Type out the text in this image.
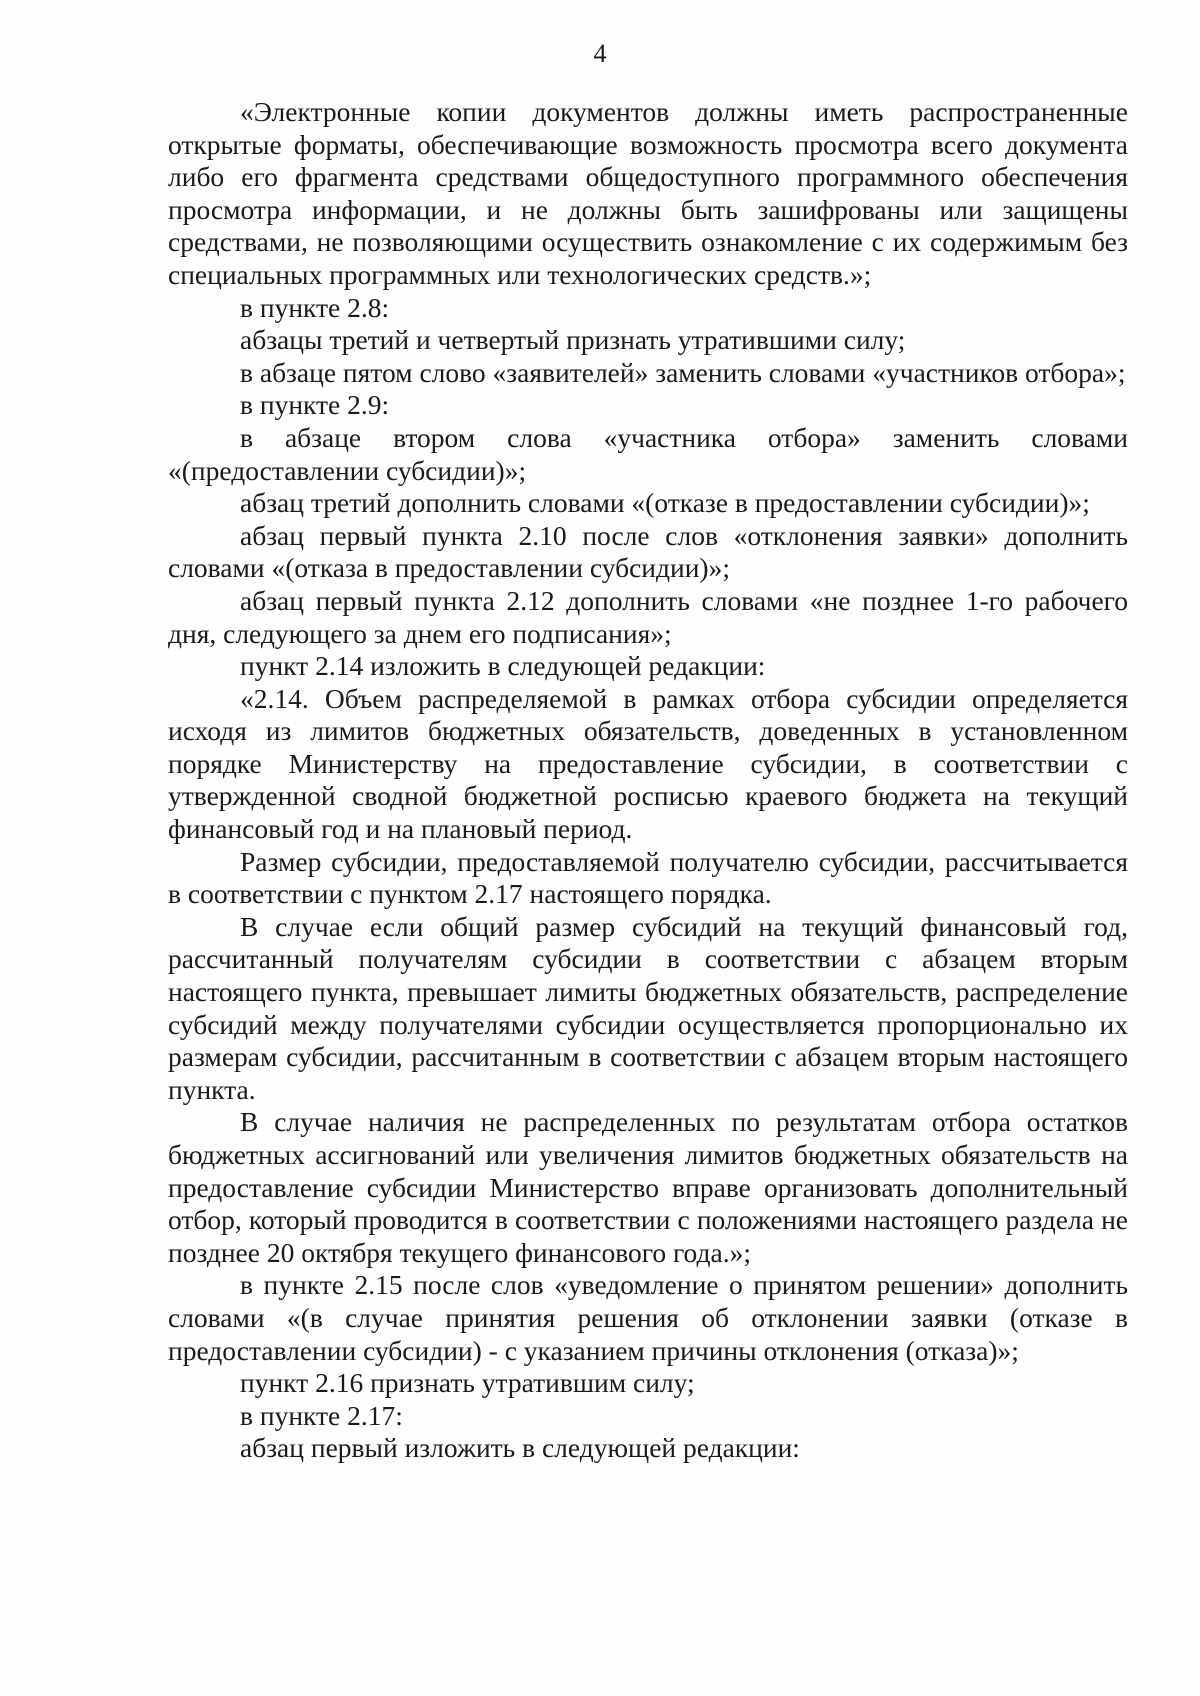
4

«Электронные копии документов должны иметь распространенные открытые форматы, обеспечивающие возможность просмотра всего документа либо его фрагмента средствами общедоступного программного обеспечения просмотра информации, и не должны быть зашифрованы или защищены средствами, не позволяющими осуществить ознакомление с их содержимым без специальных программных или технологических средств.»;

в пункте 2.8:

абзацы третий и четвертый признать утратившими силу;

в абзаце пятом слово «заявителей» заменить словами «участников отбора»;

в пункте 2.9:

в абзаце втором слова «участника отбора» заменить словами «(предоставлении субсидии)»;

абзац третий дополнить словами «(отказе в предоставлении субсидии)»;

абзац первый пункта 2.10 после слов «отклонения заявки» дополнить словами «(отказа в предоставлении субсидии)»;

абзац первый пункта 2.12 дополнить словами «не позднее 1-го рабочего дня, следующего за днем его подписания»;

пункт 2.14 изложить в следующей редакции:

«2.14. Объем распределяемой в рамках отбора субсидии определяется исходя из лимитов бюджетных обязательств, доведенных в установленном порядке Министерству на предоставление субсидии, в соответствии с утвержденной сводной бюджетной росписью краевого бюджета на текущий финансовый год и на плановый период.

Размер субсидии, предоставляемой получателю субсидии, рассчитывается в соответствии с пунктом 2.17 настоящего порядка.

В случае если общий размер субсидий на текущий финансовый год, рассчитанный получателям субсидии в соответствии с абзацем вторым настоящего пункта, превышает лимиты бюджетных обязательств, распределение субсидий между получателями субсидии осуществляется пропорционально их размерам субсидии, рассчитанным в соответствии с абзацем вторым настоящего пункта.

В случае наличия не распределенных по результатам отбора остатков бюджетных ассигнований или увеличения лимитов бюджетных обязательств на предоставление субсидии Министерство вправе организовать дополнительный отбор, который проводится в соответствии с положениями настоящего раздела не позднее 20 октября текущего финансового года.»;

в пункте 2.15 после слов «уведомление о принятом решении» дополнить словами «(в случае принятия решения об отклонении заявки (отказе в предоставлении субсидии) - с указанием причины отклонения (отказа)»;

пункт 2.16 признать утратившим силу;

в пункте 2.17:

абзац первый изложить в следующей редакции:
